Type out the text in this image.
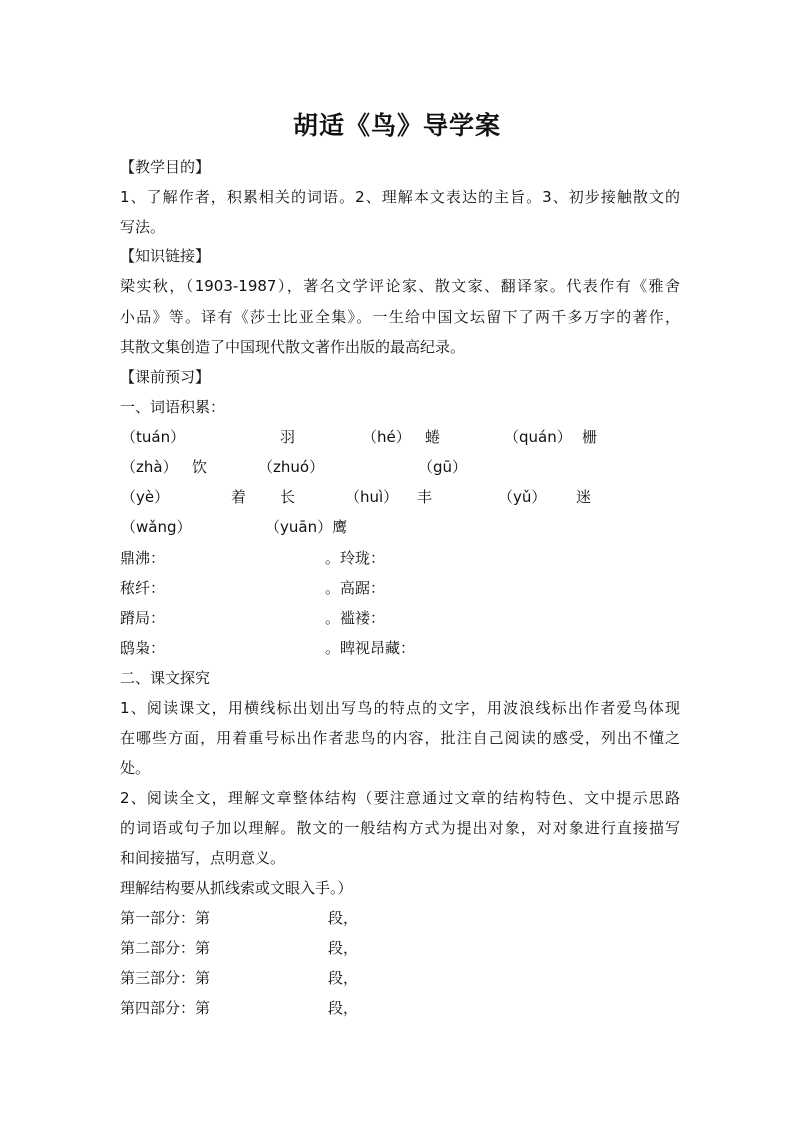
胡适《鸟》导学案
【教学目的】
1、了解作者，积累相关的词语。2、理解本文表达的主旨。3、初步接触散文的
写法。
【知识链接】
梁实秋，（1903-1987），著名文学评论家、散文家、翻译家。代表作有《雅舍
小品》等。译有《莎士比亚全集》。一生给中国文坛留下了两千多万字的著作，
其散文集创造了中国现代散文著作出版的最高纪录。
【课前预习】
一、词语积累：
（tuán）	羽	（hé） 蜷	（quán） 栅
（zhà） 饮	（zhuó）	（gū）
（yè）	着 长	（huì） 丰	（yǔ） 迷
（wǎng）	（yuān）鹰
鼎沸：	。玲珑：
秾纤：	。高踞：
蹐局：	。褴褛：
鸱枭：	。睥视昂藏：
二、课文探究
1、阅读课文，用横线标出划出写鸟的特点的文字，用波浪线标出作者爱鸟体现
在哪些方面，用着重号标出作者悲鸟的内容，批注自己阅读的感受，列出不懂之
处。
2、阅读全文，理解文章整体结构（要注意通过文章的结构特色、文中提示思路
的词语或句子加以理解。散文的一般结构方式为提出对象，对对象进行直接描写
和间接描写，点明意义。
理解结构要从抓线索或文眼入手。）
第一部分：第	段，
第二部分：第	段，
第三部分：第	段，
第四部分：第	段，
